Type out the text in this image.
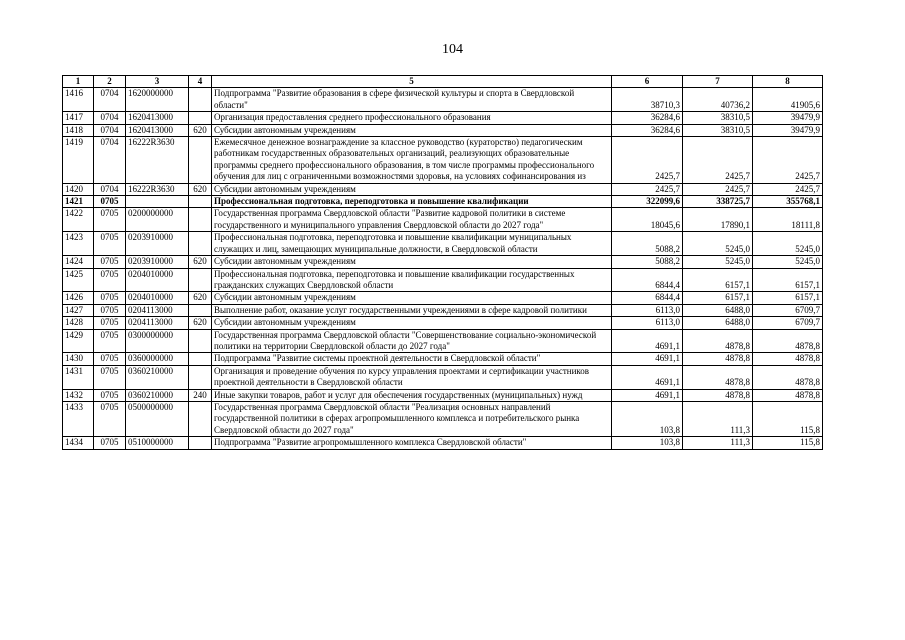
104
1	2	3	4	5	6	7	8
1416	0704	1620000000		Подпрограмма "Развитие образования в сфере физической культуры и спорта в Свердловской области"	38710,3	40736,2	41905,6
1417	0704	1620413000		Организация предоставления среднего профессионального образования	36284,6	38310,5	39479,9
1418	0704	1620413000	620	Субсидии автономным учреждениям	36284,6	38310,5	39479,9
1419	0704	16222R3630		Ежемесячное денежное вознаграждение за классное руководство (кураторство) педагогическим работникам государственных образовательных организаций, реализующих образовательные программы среднего профессионального образования, в том числе программы профессионального обучения для лиц с ограниченными возможностями здоровья, на условиях софинансирования из	2425,7	2425,7	2425,7
1420	0704	16222R3630	620	Субсидии автономным учреждениям	2425,7	2425,7	2425,7
1421	0705			Профессиональная подготовка, переподготовка и повышение квалификации	322099,6	338725,7	355768,1
1422	0705	0200000000		Государственная программа Свердловской области "Развитие кадровой политики в системе государственного и муниципального управления Свердловской области до 2027 года"	18045,6	17890,1	18111,8
1423	0705	0203910000		Профессиональная подготовка, переподготовка и повышение квалификации муниципальных служащих и лиц, замещающих муниципальные должности, в Свердловской области	5088,2	5245,0	5245,0
1424	0705	0203910000	620	Субсидии автономным учреждениям	5088,2	5245,0	5245,0
1425	0705	0204010000		Профессиональная подготовка, переподготовка и повышение квалификации государственных гражданских служащих Свердловской области	6844,4	6157,1	6157,1
1426	0705	0204010000	620	Субсидии автономным учреждениям	6844,4	6157,1	6157,1
1427	0705	0204113000		Выполнение работ, оказание услуг государственными учреждениями в сфере кадровой политики	6113,0	6488,0	6709,7
1428	0705	0204113000	620	Субсидии автономным учреждениям	6113,0	6488,0	6709,7
1429	0705	0300000000		Государственная программа Свердловской области "Совершенствование социально-экономической политики на территории Свердловской области до 2027 года"	4691,1	4878,8	4878,8
1430	0705	0360000000		Подпрограмма "Развитие системы проектной деятельности в Свердловской области"	4691,1	4878,8	4878,8
1431	0705	0360210000		Организация и проведение обучения по курсу управления проектами и сертификации участников проектной деятельности в Свердловской области	4691,1	4878,8	4878,8
1432	0705	0360210000	240	Иные закупки товаров, работ и услуг для обеспечения государственных (муниципальных) нужд	4691,1	4878,8	4878,8
1433	0705	0500000000		Государственная программа Свердловской области "Реализация основных направлений государственной политики в сферах агропромышленного комплекса и потребительского рынка Свердловской области до 2027 года"	103,8	111,3	115,8
1434	0705	0510000000		Подпрограмма "Развитие агропромышленного комплекса Свердловской области"	103,8	111,3	115,8
